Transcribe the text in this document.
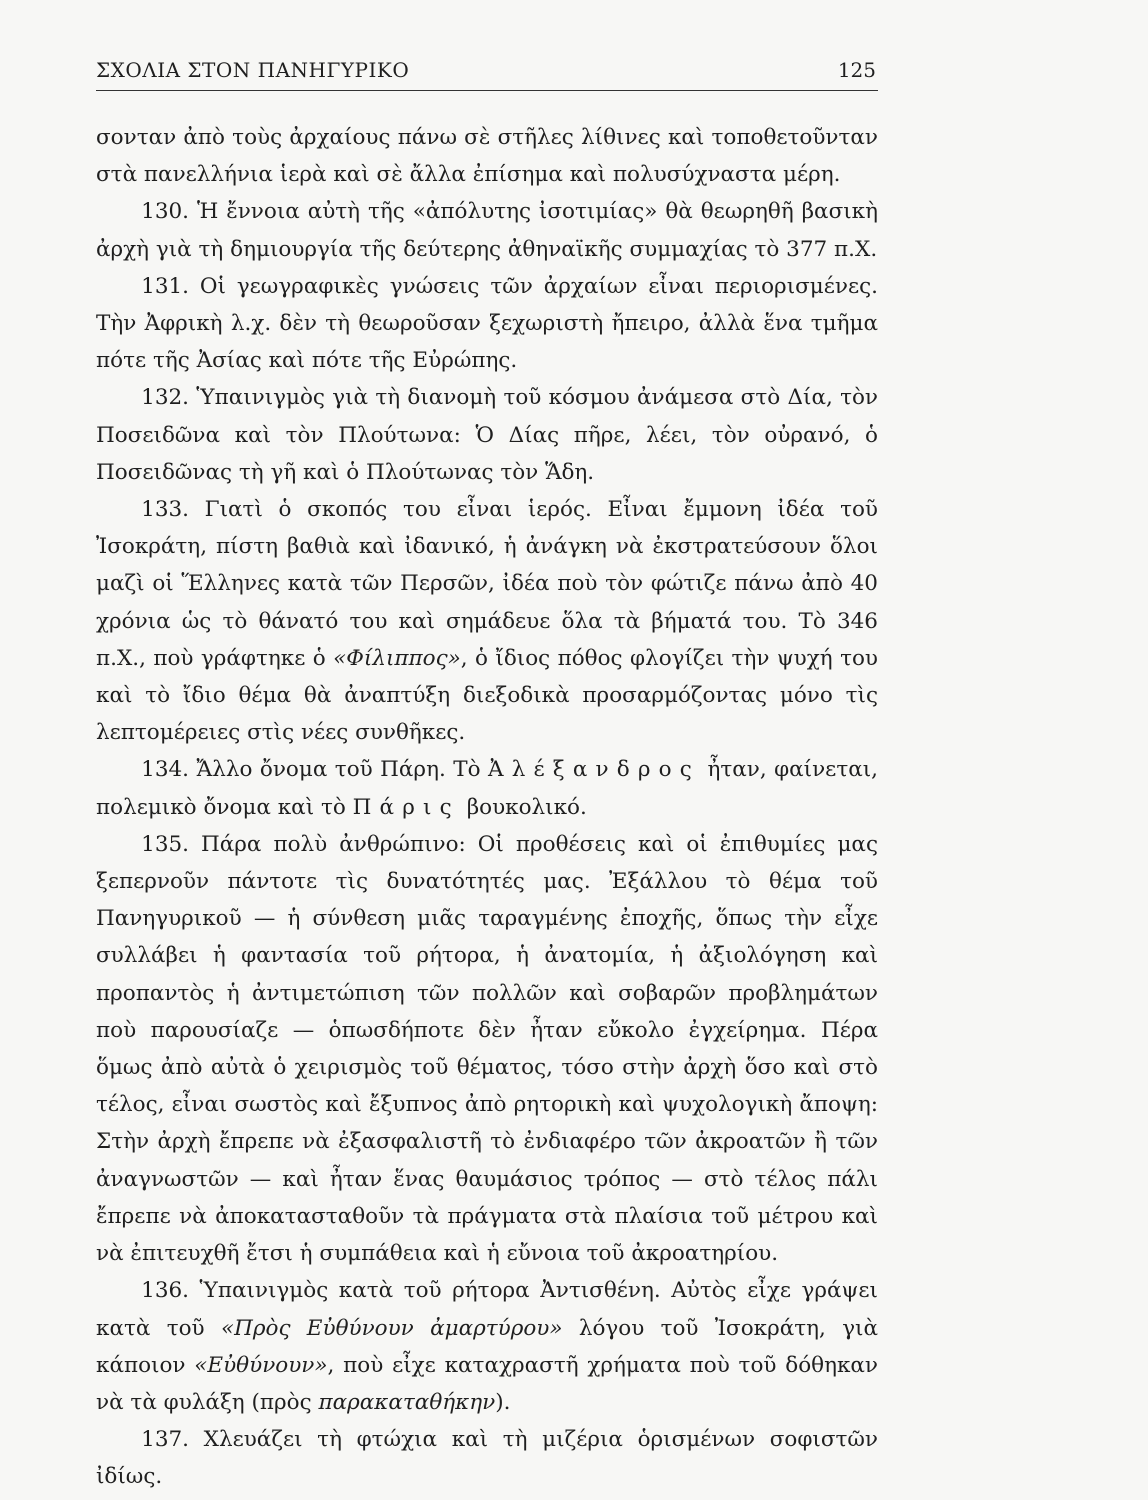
ΣΧΟΛΙΑ ΣΤΟΝ ΠΑΝΗΓΥΡΙΚΟ	125

σονταν ἀπὸ τοὺς ἀρχαίους πάνω σὲ στῆλες λίθινες καὶ τοποθετοῦνταν στὰ πανελλήνια ἱερὰ καὶ σὲ ἄλλα ἐπίσημα καὶ πολυσύχναστα μέρη.

130. Ἡ ἔννοια αὐτὴ τῆς «ἀπόλυτης ἰσοτιμίας» θὰ θεωρηθῆ βασικὴ ἀρχὴ γιὰ τὴ δημιουργία τῆς δεύτερης ἀθηναϊκῆς συμμαχίας τὸ 377 π.Χ.

131. Οἱ γεωγραφικὲς γνώσεις τῶν ἀρχαίων εἶναι περιορισμένες. Τὴν Ἀφρικὴ λ.χ. δὲν τὴ θεωροῦσαν ξεχωριστὴ ἤπειρο, ἀλλὰ ἕνα τμῆμα πότε τῆς Ἀσίας καὶ πότε τῆς Εὐρώπης.

132. Ὑπαινιγμὸς γιὰ τὴ διανομὴ τοῦ κόσμου ἀνάμεσα στὸ Δία, τὸν Ποσειδῶνα καὶ τὸν Πλούτωνα: Ὁ Δίας πῆρε, λέει, τὸν οὐρανό, ὁ Ποσειδῶνας τὴ γῆ καὶ ὁ Πλούτωνας τὸν Ἅδη.

133. Γιατὶ ὁ σκοπός του εἶναι ἱερός. Εἶναι ἔμμονη ἰδέα τοῦ Ἰσοκράτη, πίστη βαθιὰ καὶ ἰδανικό, ἡ ἀνάγκη νὰ ἐκστρατεύσουν ὅλοι μαζὶ οἱ Ἕλληνες κατὰ τῶν Περσῶν, ἰδέα ποὺ τὸν φώτιζε πάνω ἀπὸ 40 χρόνια ὡς τὸ θάνατό του καὶ σημάδευε ὅλα τὰ βήματά του. Τὸ 346 π.Χ., ποὺ γράφτηκε ὁ «Φίλιππος», ὁ ἴδιος πόθος φλογίζει τὴν ψυχή του καὶ τὸ ἴδιο θέμα θὰ ἀναπτύξη διεξοδικὰ προσαρμόζοντας μόνο τὶς λεπτομέρειες στὶς νέες συνθῆκες.

134. Ἄλλο ὄνομα τοῦ Πάρη. Τὸ Ἀλέξανδρος ἦταν, φαίνεται, πολεμικὸ ὄνομα καὶ τὸ Πάρις βουκολικό.

135. Πάρα πολὺ ἀνθρώπινο: Οἱ προθέσεις καὶ οἱ ἐπιθυμίες μας ξεπερνοῦν πάντοτε τὶς δυνατότητές μας. Ἐξάλλου τὸ θέμα τοῦ Πανηγυρικοῦ — ἡ σύνθεση μιᾶς ταραγμένης ἐποχῆς, ὅπως τὴν εἶχε συλλάβει ἡ φαντασία τοῦ ρήτορα, ἡ ἀνατομία, ἡ ἀξιολόγηση καὶ προπαντὸς ἡ ἀντιμετώπιση τῶν πολλῶν καὶ σοβαρῶν προβλημάτων ποὺ παρουσίαζε — ὁπωσδήποτε δὲν ἦταν εὔκολο ἐγχείρημα. Πέρα ὅμως ἀπὸ αὐτὰ ὁ χειρισμὸς τοῦ θέματος, τόσο στὴν ἀρχὴ ὅσο καὶ στὸ τέλος, εἶναι σωστὸς καὶ ἔξυπνος ἀπὸ ρητορικὴ καὶ ψυχολογικὴ ἄποψη: Στὴν ἀρχὴ ἔπρεπε νὰ ἐξασφαλιστῆ τὸ ἐνδιαφέρο τῶν ἀκροατῶν ἢ τῶν ἀναγνωστῶν — καὶ ἦταν ἕνας θαυμάσιος τρόπος — στὸ τέλος πάλι ἔπρεπε νὰ ἀποκατασταθοῦν τὰ πράγματα στὰ πλαίσια τοῦ μέτρου καὶ νὰ ἐπιτευχθῆ ἔτσι ἡ συμπάθεια καὶ ἡ εὔνοια τοῦ ἀκροατηρίου.

136. Ὑπαινιγμὸς κατὰ τοῦ ρήτορα Ἀντισθένη. Αὐτὸς εἶχε γράψει κατὰ τοῦ «Πρὸς Εὐθύνουν ἀμαρτύρου» λόγου τοῦ Ἰσοκράτη, γιὰ κάποιον «Εὐθύνουν», ποὺ εἶχε καταχραστῆ χρήματα ποὺ τοῦ δόθηκαν νὰ τὰ φυλάξη (πρὸς παρακαταθήκην).

137. Χλευάζει τὴ φτώχια καὶ τὴ μιζέρια ὁρισμένων σοφιστῶν ἰδίως.
